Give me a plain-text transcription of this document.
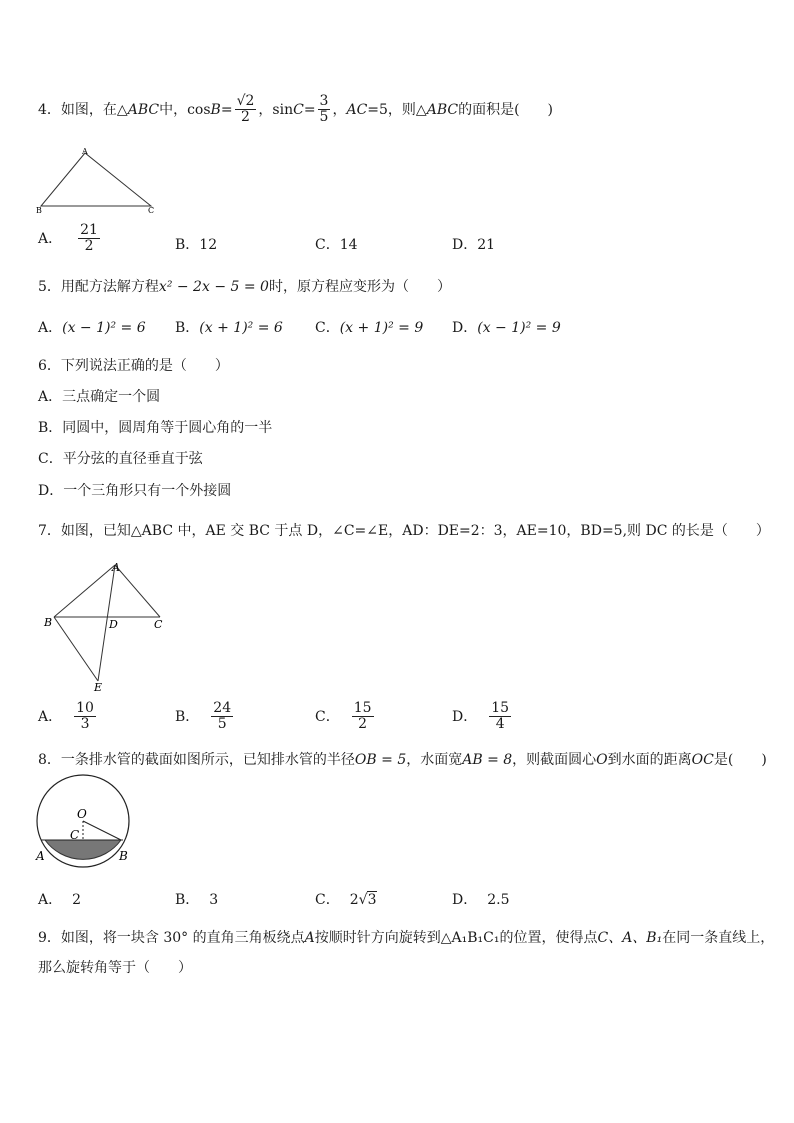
4．如图，在△ABC中，$\cos B= \frac{√2}{2}$ ，$\sin C= \frac{3}{5}$ ，AC=5，则△ABC的面积是(　　)
A
B	C
A． $\frac{21}{2}$	B．12	C．14	D．21
5．用配方法解方程x² − 2x − 5 = 0时，原方程应变形为（　　）
A．(x − 1)² = 6 B．(x + 1)² = 6 C．(x + 1)² = 9 D．(x − 1)² = 9
6．下列说法正确的是（　　）
A．三点确定一个圆
B．同圆中，圆周角等于圆心角的一半
C．平分弦的直径垂直于弦
D．一个三角形只有一个外接圆
7．如图，已知△ABC 中，AE 交 BC 于点 D，∠C=∠E，AD：DE=2：3，AE=10，BD=5,则 DC 的长是（　　）
A
B	C
D
E
A． $\frac{10}{3}$	B． $\frac{24}{5}$	C． $\frac{15}{2}$	D． $\frac{15}{4}$
8．一条排水管的截面如图所示，已知排水管的半径OB = 5，水面宽AB = 8，则截面圆心O到水面的距离OC是(　　)
O
C
A	B
A． 2	B． 3	C． 2√3	D． 2.5
9．如图，将一块含 30° 的直角三角板绕点A按顺时针方向旋转到△A₁B₁C₁的位置，使得点C、A、B₁在同一条直线上，
那么旋转角等于（　　）
